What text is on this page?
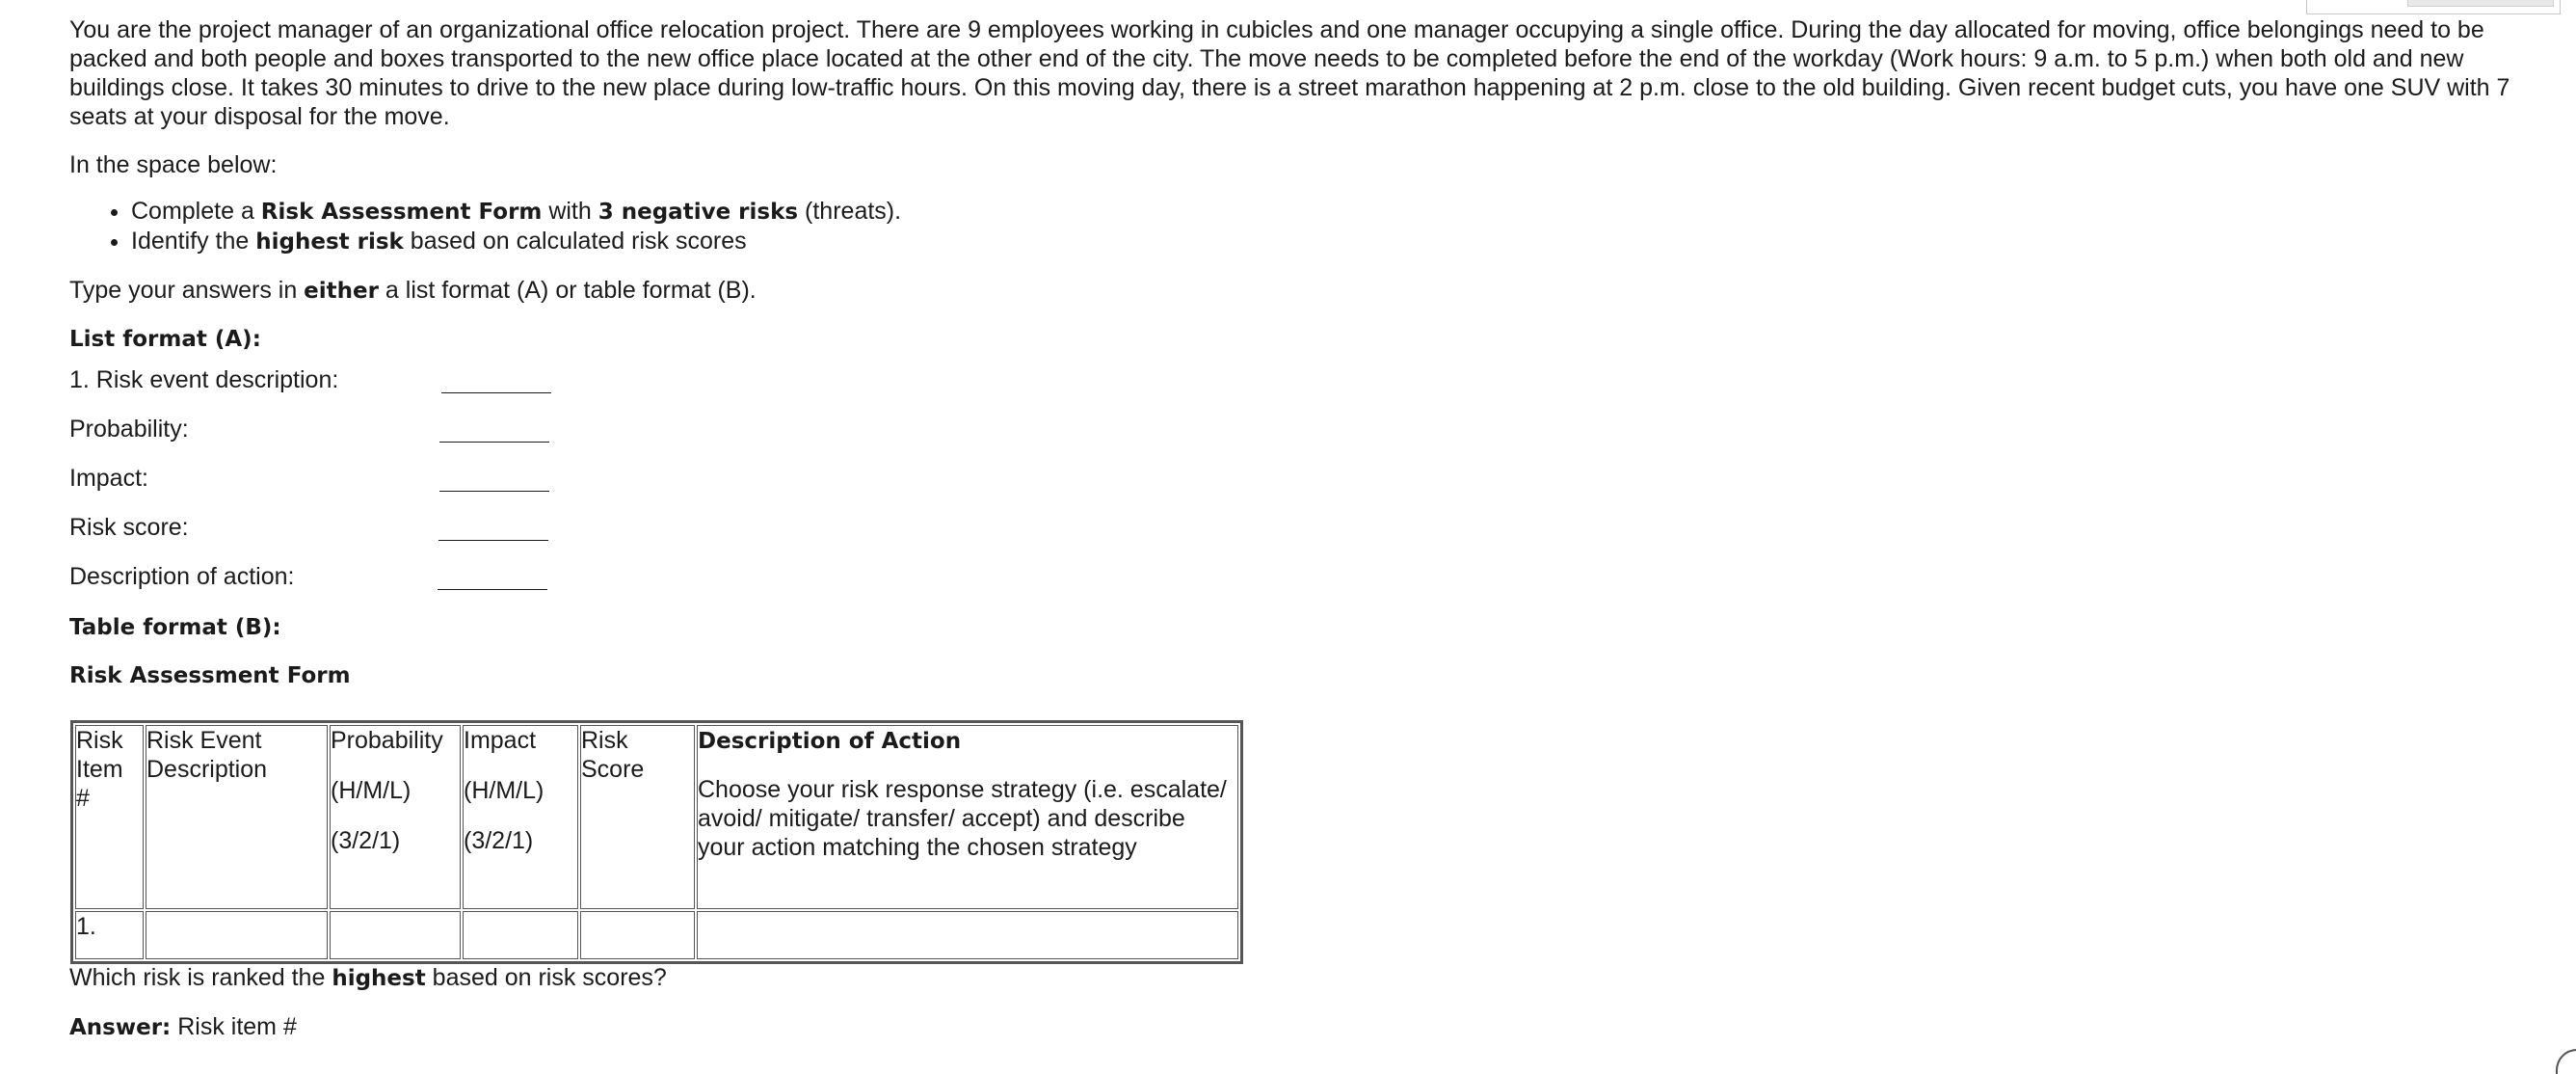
You are the project manager of an organizational office relocation project. There are 9 employees working in cubicles and one manager occupying a single office. During the day allocated for moving, office belongings need to be packed and both people and boxes transported to the new office place located at the other end of the city. The move needs to be completed before the end of the workday (Work hours: 9 a.m. to 5 p.m.) when both old and new buildings close. It takes 30 minutes to drive to the new place during low-traffic hours. On this moving day, there is a street marathon happening at 2 p.m. close to the old building. Given recent budget cuts, you have one SUV with 7 seats at your disposal for the move.

In the space below:

• Complete a Risk Assessment Form with 3 negative risks (threats).
• Identify the highest risk based on calculated risk scores

Type your answers in either a list format (A) or table format (B).

List format (A):

1. Risk event description:
Probability:
Impact:
Risk score:
Description of action:

Table format (B):

Risk Assessment Form

Risk Item #	Risk Event Description	Probability
(H/M/L)
(3/2/1)	Impact
(H/M/L)
(3/2/1)	Risk Score	Description of Action
Choose your risk response strategy (i.e. escalate/ avoid/ mitigate/ transfer/ accept) and describe your action matching the chosen strategy

1.					

Which risk is ranked the highest based on risk scores?

Answer: Risk item #
